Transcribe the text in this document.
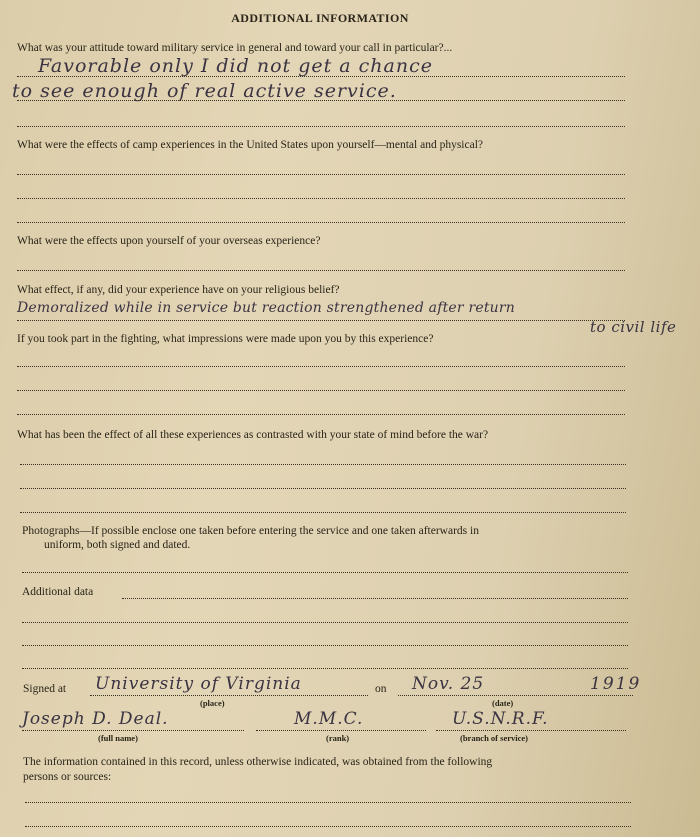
ADDITIONAL INFORMATION
What was your attitude toward military service in general and toward your call in particular?...
Favorable only I did not get a chance
to see enough of real active service.
What were the effects of camp experiences in the United States upon yourself—mental and physical?
What were the effects upon yourself of your overseas experience?
What effect, if any, did your experience have on your religious belief?
Demoralized while in service but reaction strengthened after return
to civil life
If you took part in the fighting, what impressions were made upon you by this experience?
What has been the effect of all these experiences as contrasted with your state of mind before the war?
Photographs—If possible enclose one taken before entering the service and one taken afterwards in
uniform, both signed and dated.
Additional data
Signed at University of Virginia	on Nov. 25	1919
(place)	(date)
Joseph D. Deal.	M.M.C.	U.S.N.R.F.
(full name)	(rank)	(branch of service)
The information contained in this record, unless otherwise indicated, was obtained from the following
persons or sources:
